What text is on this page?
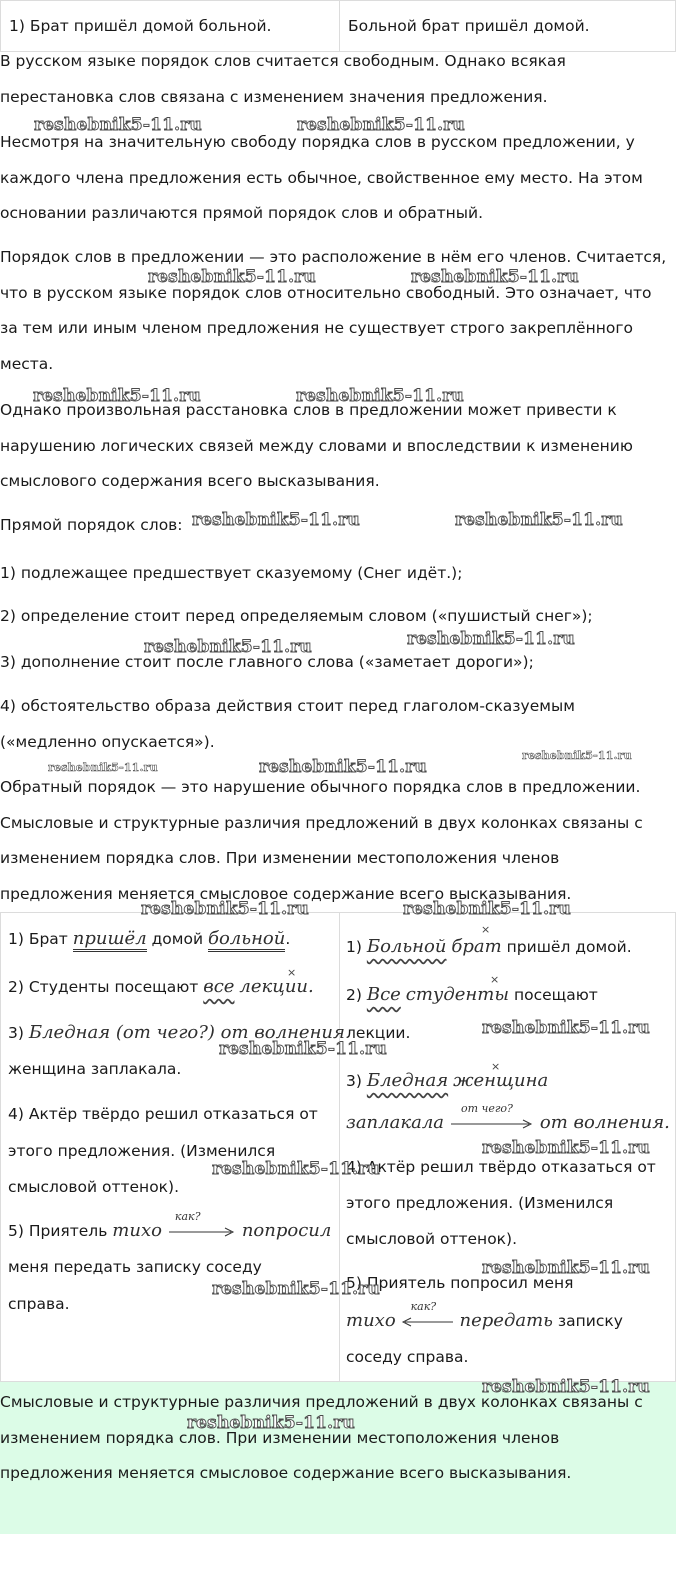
1) Брат пришёл домой больной.	Больной брат пришёл домой.

В русском языке порядок слов считается свободным. Однако всякая перестановка слов связана с изменением значения предложения.

Несмотря на значительную свободу порядка слов в русском предложении, у каждого члена предложения есть обычное, свойственное ему место. На этом основании различаются прямой порядок слов и обратный.

Порядок слов в предложении — это расположение в нём его членов. Считается, что в русском языке порядок слов относительно свободный. Это означает, что за тем или иным членом предложения не существует строго закреплённого места.

Однако произвольная расстановка слов в предложении может привести к нарушению логических связей между словами и впоследствии к изменению смыслового содержания всего высказывания.

Прямой порядок слов:

1) подлежащее предшествует сказуемому (Снег идёт.);

2) определение стоит перед определяемым словом («пушистый снег»);

3) дополнение стоит после главного слова («заметает дороги»);

4) обстоятельство образа действия стоит перед глаголом-сказуемым («медленно опускается»).

Обратный порядок — это нарушение обычного порядка слов в предложении. Смысловые и структурные различия предложений в двух колонках связаны с изменением порядка слов. При изменении местоположения членов предложения меняется смысловое содержание всего высказывания.

1) Брат пришёл домой больной.
2) Студенты посещают все лекции.
×
3) Бледная (от чего?) от волнения
женщина заплакала.
4) Актёр твёрдо решил отказаться от
этого предложения. (Изменился
смысловой оттенок).
5) Приятель тихо
как?
попросил
меня передать записку соседу
справа.
1) Больной брат пришёл домой.
×
2) Все студенты посещают
×
лекции.
3) Бледная женщина
×
заплакала
от чего?
от волнения.
4) Актёр решил твёрдо отказаться от
этого предложения. (Изменился
смысловой оттенок).
5) Приятель попросил меня
тихо
как?
передать записку
соседу справа.

Смысловые и структурные различия предложений в двух колонках связаны с изменением порядка слов. При изменении местоположения членов предложения меняется смысловое содержание всего высказывания.

reshebnik5-11.ru	reshebnik5-11.ru
reshebnik5-11.ru	reshebnik5-11.ru
reshebnik5-11.ru	reshebnik5-11.ru
reshebnik5-11.ru	reshebnik5-11.ru
reshebnik5-11.ru	reshebnik5-11.ru
reshebnik5-11.ru
reshebnik5-11.ru	reshebnik5-11.ru
reshebnik5-11.ru	reshebnik5-11.ru
reshebnik5-11.ru
reshebnik5-11.ru
reshebnik5-11.ru
reshebnik5-11.ru
reshebnik5-11.ru
reshebnik5-11.ru
reshebnik5-11.ru
reshebnik5-11.ru
